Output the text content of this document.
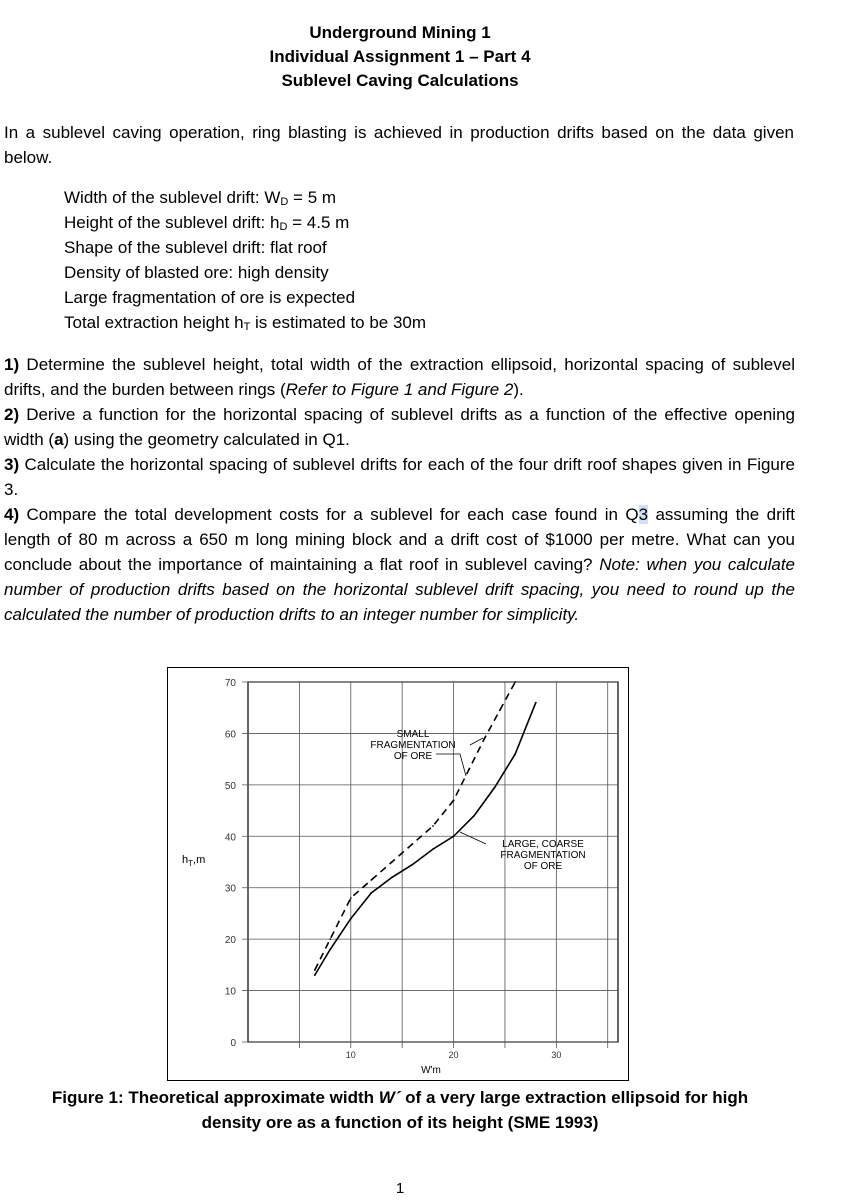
Underground Mining 1
Individual Assignment 1 – Part 4
Sublevel Caving Calculations
In a sublevel caving operation, ring blasting is achieved in production drifts based on the data given below.
Width of the sublevel drift: $W_D = 5$ m
Height of the sublevel drift: $h_D = 4.5$ m
Shape of the sublevel drift: flat roof
Density of blasted ore: high density
Large fragmentation of ore is expected
Total extraction height $h_T$ is estimated to be 30m
1) Determine the sublevel height, total width of the extraction ellipsoid, horizontal spacing of sublevel drifts, and the burden between rings (Refer to Figure 1 and Figure 2).
2) Derive a function for the horizontal spacing of sublevel drifts as a function of the effective opening width (a) using the geometry calculated in Q1.
3) Calculate the horizontal spacing of sublevel drifts for each of the four drift roof shapes given in Figure 3.
4) Compare the total development costs for a sublevel for each case found in Q3 assuming the drift length of 80 m across a 650 m long mining block and a drift cost of $1000 per metre. What can you conclude about the importance of maintaining a flat roof in sublevel caving? Note: when you calculate number of production drifts based on the horizontal sublevel drift spacing, you need to round up the calculated the number of production drifts to an integer number for simplicity.
0
10
20
30
40
50
60
70
10	20	30
SMALL
FRAGMENTATION
OF ORE
LARGE, COARSE
FRAGMENTATION
OF ORE
$h_T,m$
W'm
Figure 1: Theoretical approximate width W´ of a very large extraction ellipsoid for high
density ore as a function of its height (SME 1993)
1
